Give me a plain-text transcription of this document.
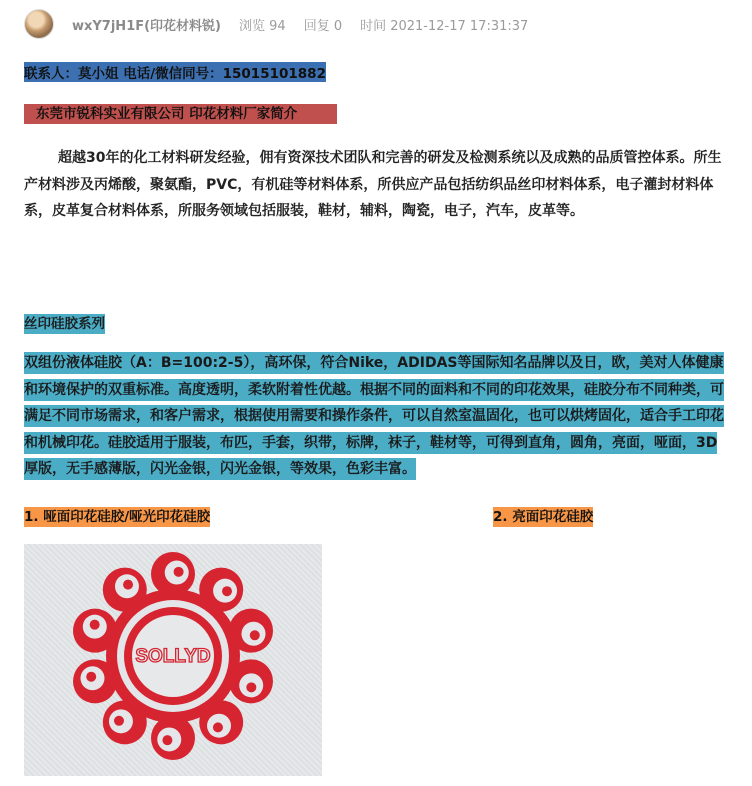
wxY7jH1F(印花材料锐) 浏览 94 回复 0 时间 2021-12-17 17:31:37
联系人：莫小姐 电话/微信同号：15015101882
东莞市锐科实业有限公司 印花材料厂家简介
超越30年的化工材料研发经验，佣有资深技术团队和完善的研发及检测系统以及成熟的品质管控体系。所生产材料涉及丙烯酸，聚氨酯，PVC，有机硅等材料体系，所供应产品包括纺织品丝印材料体系，电子灌封材料体系，皮革复合材料体系，所服务领域包括服装，鞋材，辅料，陶瓷，电子，汽车，皮革等。
丝印硅胶系列
双组份液体硅胶（A：B=100:2-5），高环保，符合Nike，ADIDAS等国际知名品牌以及日，欧，美对人体健康和环境保护的双重标准。高度透明，柔软附着性优越。根据不同的面料和不同的印花效果，硅胶分布不同种类，可满足不同市场需求，和客户需求，根据使用需要和操作条件，可以自然室温固化，也可以烘烤固化，适合手工印花和机械印花。硅胶适用于服装，布匹，手套，织带，标牌，袜子，鞋材等，可得到直角，圆角，亮面，哑面，3D厚版，无手感薄版，闪光金银，闪光金银，等效果，色彩丰富。
1. 哑面印花硅胶/哑光印花硅胶	2. 亮面印花硅胶
SOLLYD
